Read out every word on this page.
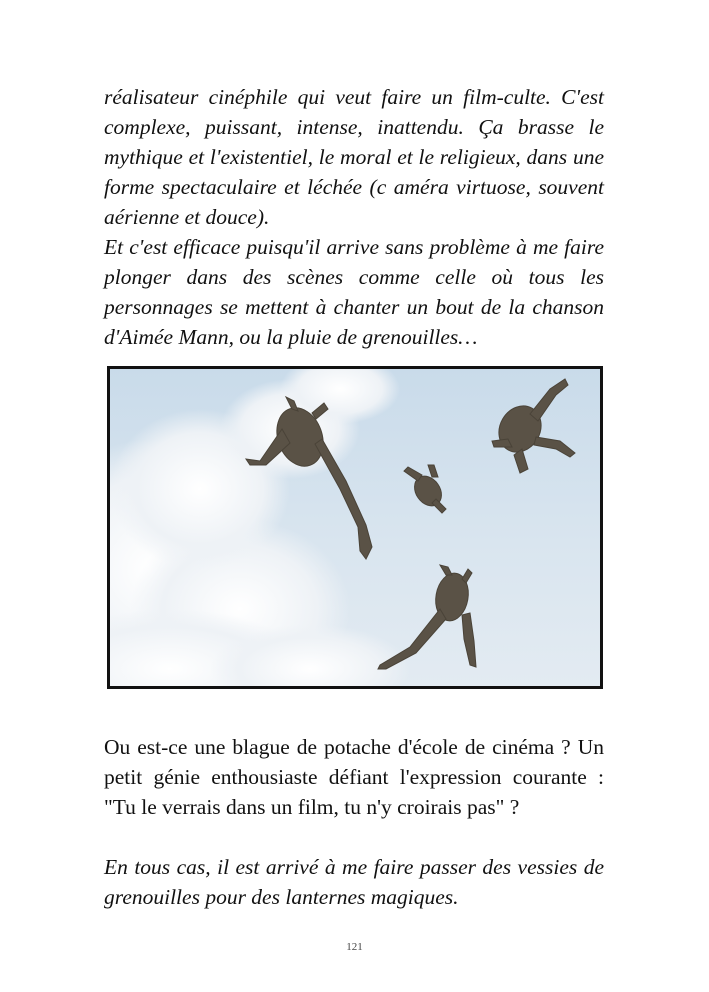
réalisateur cinéphile qui veut faire un film-culte. C'est complexe, puissant, intense, inattendu. Ça brasse le mythique et l'existentiel, le moral et le religieux, dans une forme spectaculaire et léchée (c améra virtuose, souvent aérienne et douce).

Et c'est efficace puisqu'il arrive sans problème à me faire plonger dans des scènes comme celle où tous les personnages se mettent à chanter un bout de la chanson d'Aimée Mann, ou la pluie de grenouilles…

Ou est-ce une blague de potache d'école de cinéma ? Un petit génie enthousiaste défiant l'expression courante : "Tu le verrais dans un film, tu n'y croirais pas" ?

En tous cas, il est arrivé à me faire passer des vessies de grenouilles pour des lanternes magiques.

121
